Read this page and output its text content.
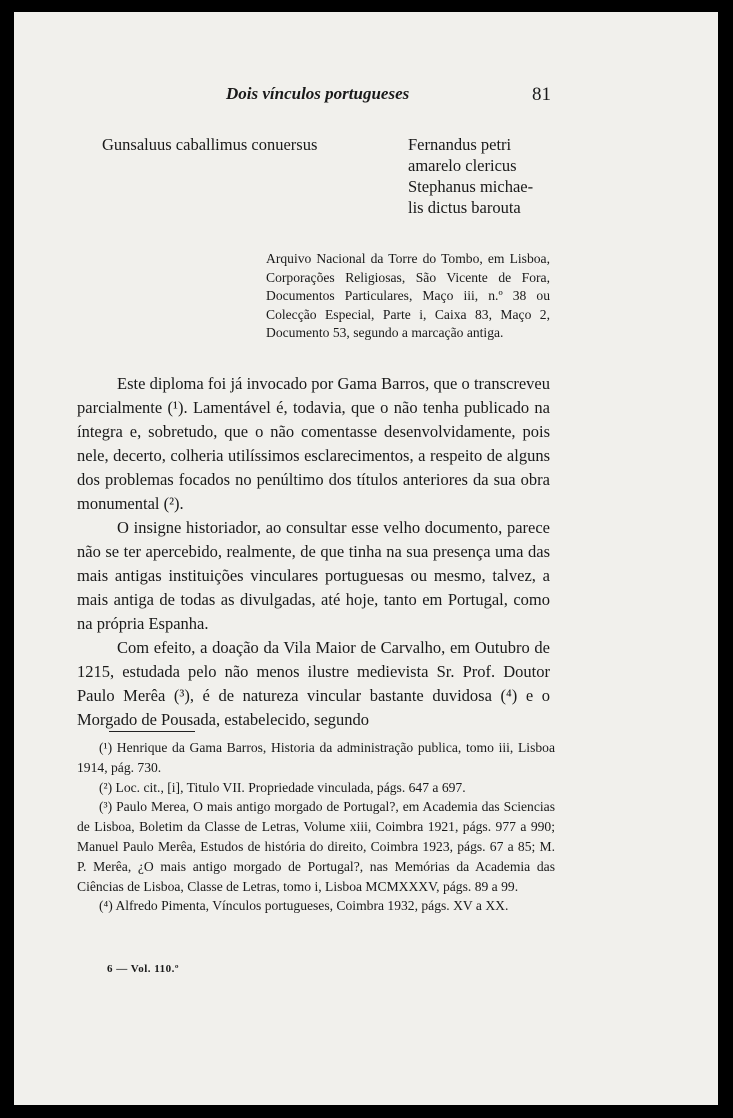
Dois vínculos portugueses	81
Gunsaluus caballimus conuersus	Fernandus petri
amarelo clericus
Stephanus michae-
lis dictus barouta
Arquivo Nacional da Torre do Tombo, em Lisboa, Corporações Religiosas, São Vicente de Fora, Documentos Particulares, Maço iii, n.º 38 ou Colecção Especial, Parte i, Caixa 83, Maço 2, Documento 53, segundo a marcação antiga.

Este diploma foi já invocado por Gama Barros, que o transcreveu parcialmente (¹). Lamentável é, todavia, que o não tenha publicado na íntegra e, sobretudo, que o não comentasse desenvolvidamente, pois nele, decerto, colheria utilíssimos esclarecimentos, a respeito de alguns dos problemas focados no penúltimo dos títulos anteriores da sua obra monumental (²).

O insigne historiador, ao consultar esse velho documento, parece não se ter apercebido, realmente, de que tinha na sua presença uma das mais antigas instituições vinculares portuguesas ou mesmo, talvez, a mais antiga de todas as divulgadas, até hoje, tanto em Portugal, como na própria Espanha.

Com efeito, a doação da Vila Maior de Carvalho, em Outubro de 1215, estudada pelo não menos ilustre medievista Sr. Prof. Doutor Paulo Merêa (³), é de natureza vincular bastante duvidosa (⁴) e o Morgado de Pousada, estabelecido, segundo

(¹) Henrique da Gama Barros, Historia da administração publica, tomo iii, Lisboa 1914, pág. 730.

(²) Loc. cit., [i], Titulo VII. Propriedade vinculada, págs. 647 a 697.

(³) Paulo Merea, O mais antigo morgado de Portugal?, em Academia das Sciencias de Lisboa, Boletim da Classe de Letras, Volume xiii, Coimbra 1921, págs. 977 a 990; Manuel Paulo Merêa, Estudos de história do direito, Coimbra 1923, págs. 67 a 85; M. P. Merêa, ¿O mais antigo morgado de Portugal?, nas Memórias da Academia das Ciências de Lisboa, Classe de Letras, tomo i, Lisboa MCMXXXV, págs. 89 a 99.

(⁴) Alfredo Pimenta, Vínculos portugueses, Coimbra 1932, págs. XV a XX.

6 — Vol. 110.º
